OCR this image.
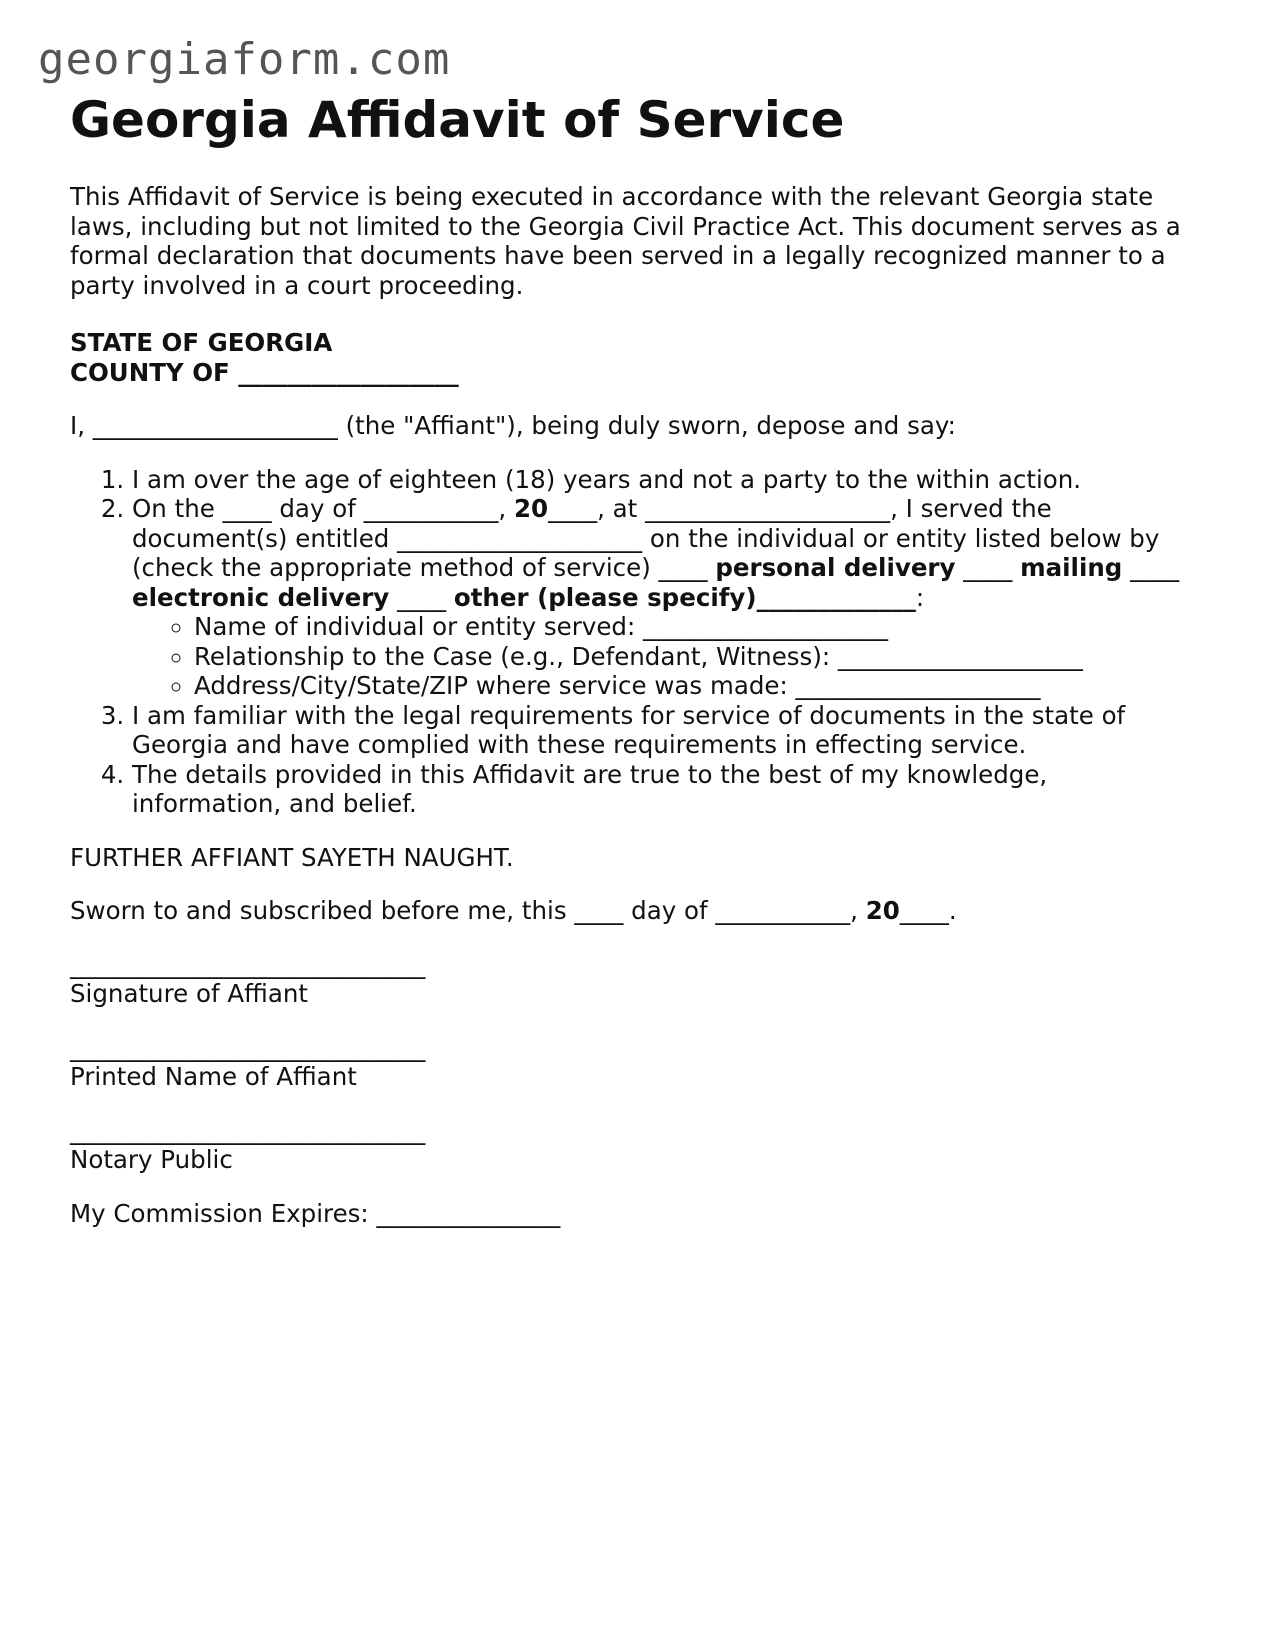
georgiaform.com
Georgia Affidavit of Service

This Affidavit of Service is being executed in accordance with the relevant Georgia state laws, including but not limited to the Georgia Civil Practice Act. This document serves as a formal declaration that documents have been served in a legally recognized manner to a party involved in a court proceeding.

STATE OF GEORGIA
COUNTY OF __________________
I, ____________________ (the "Affiant"), being duly sworn, depose and say:
1. I am over the age of eighteen (18) years and not a party to the within action.
2. On the ____ day of ___________, 20____, at ____________________, I served the document(s) entitled ____________________ on the individual or entity listed below by (check the appropriate method of service) ____ personal delivery ____ mailing ____ electronic delivery ____ other (please specify)_____________:
◦ Name of individual or entity served: ____________________
◦ Relationship to the Case (e.g., Defendant, Witness): ____________________
◦ Address/City/State/ZIP where service was made: ____________________
3. I am familiar with the legal requirements for service of documents in the state of Georgia and have complied with these requirements in effecting service.
4. The details provided in this Affidavit are true to the best of my knowledge, information, and belief.
FURTHER AFFIANT SAYETH NAUGHT.
Sworn to and subscribed before me, this ____ day of ___________, 20____.
_____________________________
Signature of Affiant
_____________________________
Printed Name of Affiant
_____________________________
Notary Public
My Commission Expires: _______________
